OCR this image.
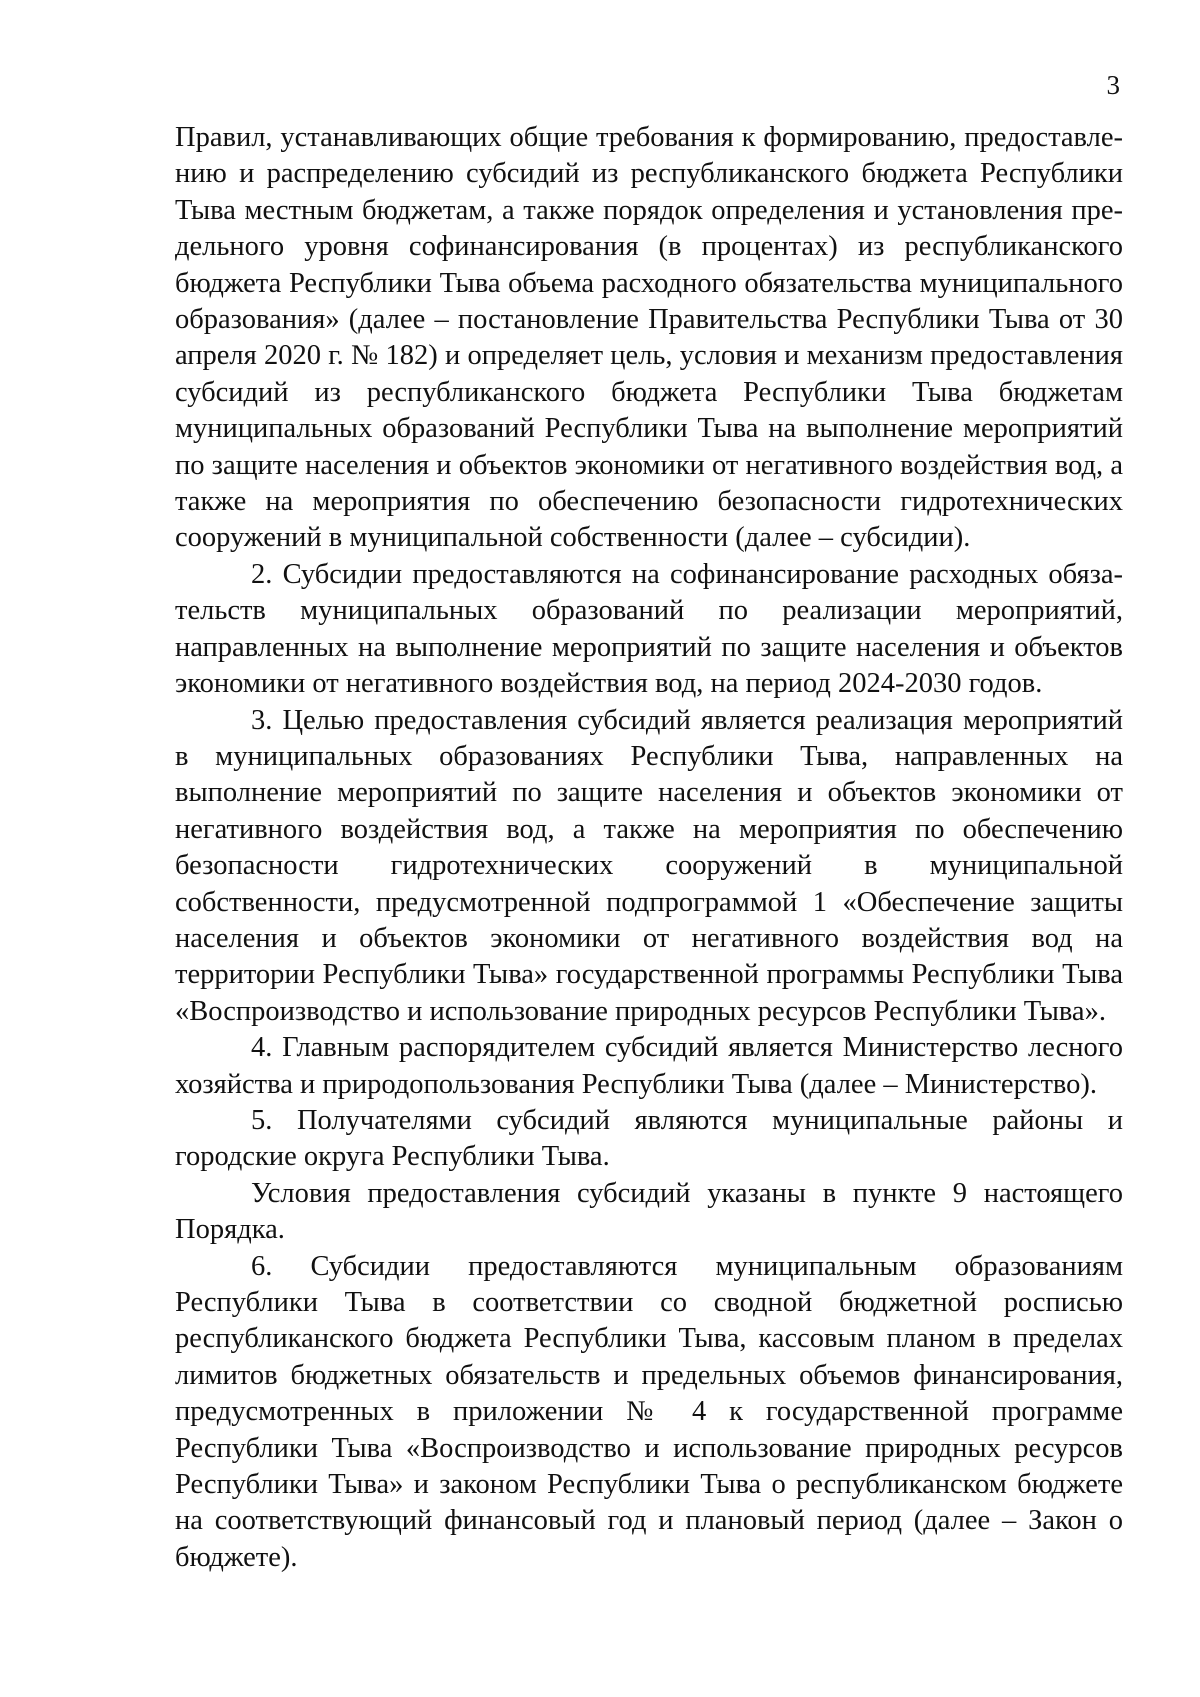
3

Правил, устанавливающих общие требования к формированию, предоставлению и распределению субсидий из республиканского бюджета Республики Тыва местным бюджетам, а также порядок определения и установления предельного уровня софинансирования (в процентах) из республиканского бюджета Республики Тыва объема расходного обязательства муниципального образования» (далее – постановление Правительства Республики Тыва от 30 апреля 2020 г. № 182) и определяет цель, условия и механизм предоставления субсидий из республиканского бюджета Республики Тыва бюджетам муниципальных образований Республики Тыва на выполнение мероприятий по защите населения и объектов экономики от негативного воздействия вод, а также на мероприятия по обеспечению безопасности гидротехнических сооружений в муниципальной собственности (далее – субсидии).

2. Субсидии предоставляются на софинансирование расходных обязательств муниципальных образований по реализации мероприятий, направленных на выполнение мероприятий по защите населения и объектов экономики от негативного воздействия вод, на период 2024-2030 годов.

3. Целью предоставления субсидий является реализация мероприятий в муниципальных образованиях Республики Тыва, направленных на выполнение мероприятий по защите населения и объектов экономики от негативного воздействия вод, а также на мероприятия по обеспечению безопасности гидротехнических сооружений в муниципальной собственности, предусмотренной подпрограммой 1 «Обеспечение защиты населения и объектов экономики от негативного воздействия вод на территории Республики Тыва» государственной программы Республики Тыва «Воспроизводство и использование природных ресурсов Республики Тыва».

4. Главным распорядителем субсидий является Министерство лесного хозяйства и природопользования Республики Тыва (далее – Министерство).

5. Получателями субсидий являются муниципальные районы и городские округа Республики Тыва.

Условия предоставления субсидий указаны в пункте 9 настоящего Порядка.

6. Субсидии предоставляются муниципальным образованиям Республики Тыва в соответствии со сводной бюджетной росписью республиканского бюджета Республики Тыва, кассовым планом в пределах лимитов бюджетных обязательств и предельных объемов финансирования, предусмотренных в приложении № 4 к государственной программе Республики Тыва «Воспроизводство и использование природных ресурсов Республики Тыва» и законом Республики Тыва о республиканском бюджете на соответствующий финансовый год и плановый период (далее – Закон о бюджете).
